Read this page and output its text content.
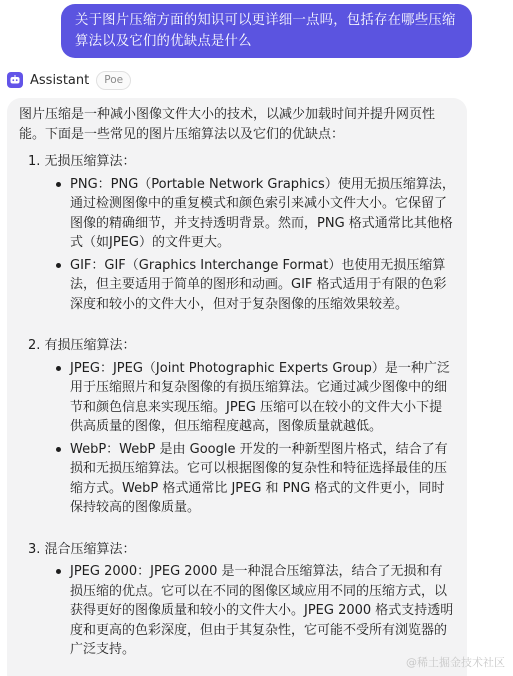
关于图片压缩方面的知识可以更详细一点吗，包括存在哪些压缩算法以及它们的优缺点是什么
Assistant	Poe

图片压缩是一种减小图像文件大小的技术，以减少加载时间并提升网页性能。下面是一些常见的图片压缩算法以及它们的优缺点：

1. 无损压缩算法：

PNG：PNG（Portable Network Graphics）使用无损压缩算法，通过检测图像中的重复模式和颜色索引来减小文件大小。它保留了图像的精确细节，并支持透明背景。然而，PNG 格式通常比其他格式（如JPEG）的文件更大。
GIF：GIF（Graphics Interchange Format）也使用无损压缩算法，但主要适用于简单的图形和动画。GIF 格式适用于有限的色彩深度和较小的文件大小，但对于复杂图像的压缩效果较差。

2. 有损压缩算法：

JPEG：JPEG（Joint Photographic Experts Group）是一种广泛用于压缩照片和复杂图像的有损压缩算法。它通过减少图像中的细节和颜色信息来实现压缩。JPEG 压缩可以在较小的文件大小下提供高质量的图像，但压缩程度越高，图像质量就越低。
WebP：WebP 是由 Google 开发的一种新型图片格式，结合了有损和无损压缩算法。它可以根据图像的复杂性和特征选择最佳的压缩方式。WebP 格式通常比 JPEG 和 PNG 格式的文件更小，同时保持较高的图像质量。

3. 混合压缩算法：

JPEG 2000：JPEG 2000 是一种混合压缩算法，结合了无损和有损压缩的优点。它可以在不同的图像区域应用不同的压缩方式，以获得更好的图像质量和较小的文件大小。JPEG 2000 格式支持透明度和更高的色彩深度，但由于其复杂性，它可能不受所有浏览器的广泛支持。
@稀土掘金技术社区
